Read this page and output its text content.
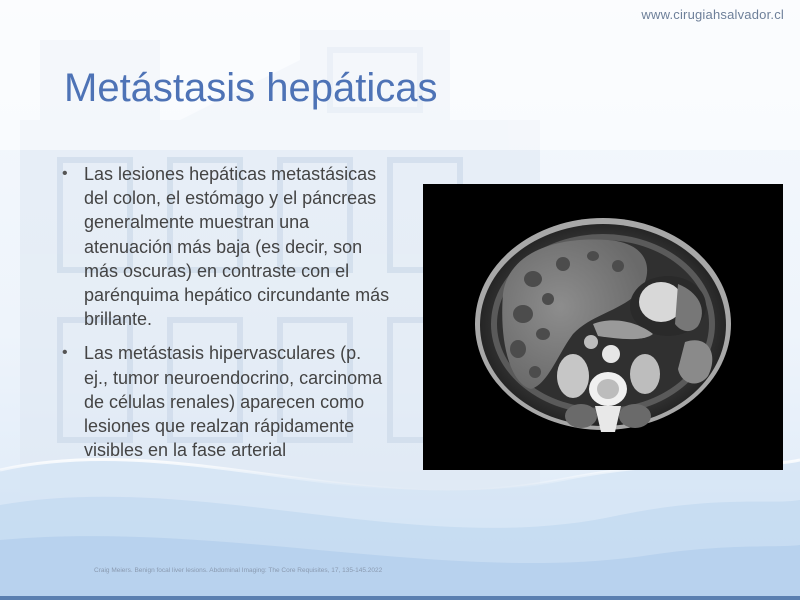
www.cirugiahsalvador.cl
Metástasis hepáticas
• Las lesiones hepáticas metastásicas del colon, el estómago y el páncreas generalmente muestran una atenuación más baja (es decir, son más oscuras) en contraste con el parénquima hepático circundante más brillante.
• Las metástasis hipervasculares (p. ej., tumor neuroendocrino, carcinoma de células renales) aparecen como lesiones que realzan rápidamente visibles en la fase arterial
Craig Meiers. Benign focal liver lesions. Abdominal Imaging: The Core Requisites, 17, 135-145.2022
